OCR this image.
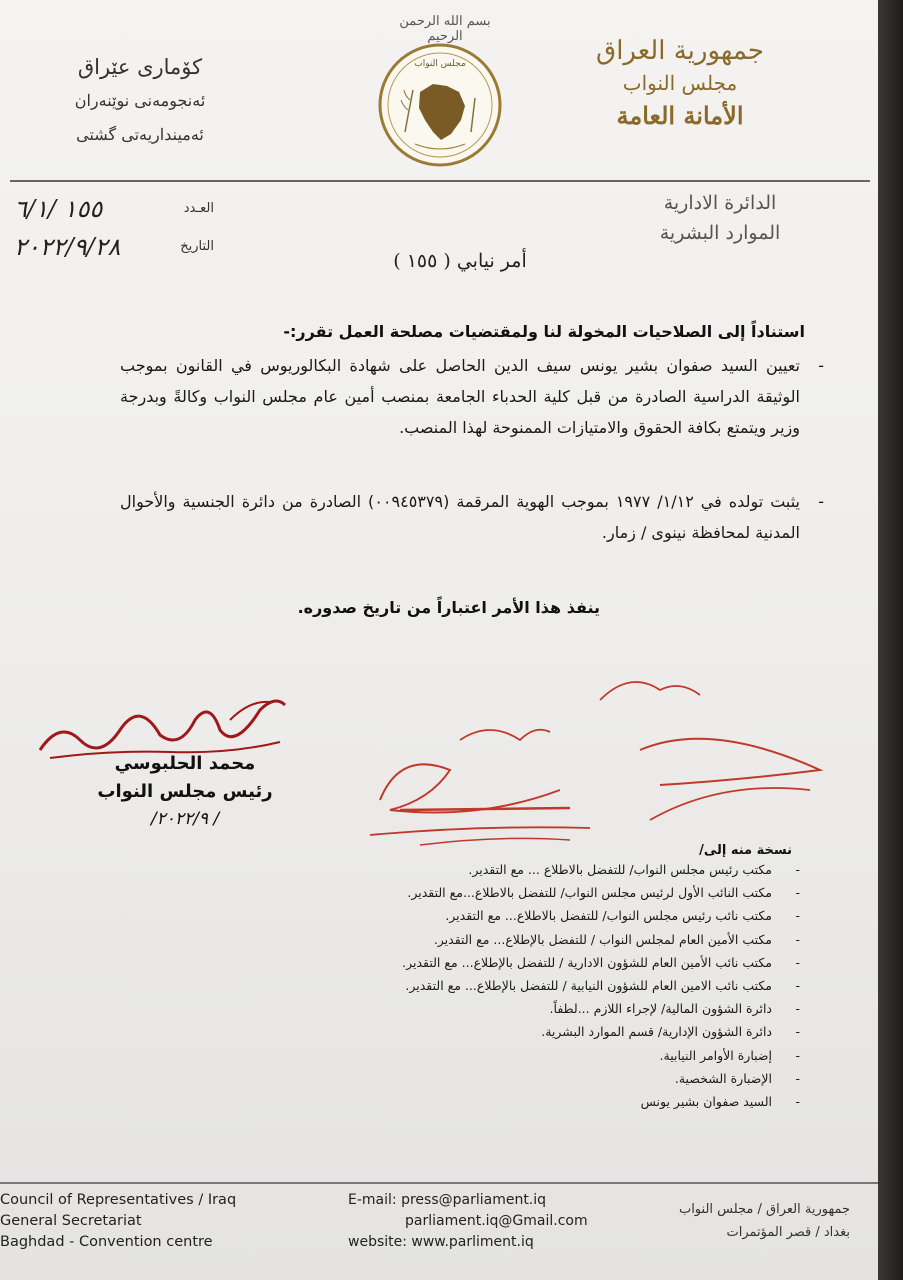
بسم الله الرحمن الرحيم
مجلس النواب	جمهورية العراق
مجلس النواب
الأمانة العامة
كۆماری عێراق
ئەنجومەنی نوێنەران
ئەمینداریەتی گشتی
الدائرة الادارية
الموارد البشرية
١٥٥ /٦/١	العـدد
٢٠٢٢/٩/٢٨	التاريخ
أمر نيابي ( ١٥٥ )
استناداً إلى الصلاحيات المخولة لنا ولمقتضيات مصلحة العمل تقرر:-
-
تعيين السيد صفوان بشير يونس سيف الدين الحاصل على شهادة البكالوريوس في القانون بموجب الوثيقة الدراسية الصادرة من قبل كلية الحدباء الجامعة بمنصب أمين عام مجلس النواب وكالةً وبدرجة وزير ويتمتع بكافة الحقوق والامتيازات الممنوحة لهذا المنصب.
-
يثبت تولده في ١/١٢/ ١٩٧٧ بموجب الهوية المرقمة (٠٠٩٤٥٣٧٩) الصادرة من دائرة الجنسية والأحوال المدنية لمحافظة نينوى / زمار.
ينفذ هذا الأمر اعتباراً من تاريخ صدوره.
محمد الحلبوسي
رئيس مجلس النواب
/ ٢٠٢٢/٩/
نسخة منه إلى/
- مكتب رئيس مجلس النواب/ للتفضل بالاطلاع ... مع التقدير.
- مكتب النائب الأول لرئيس مجلس النواب/ للتفضل بالاطلاع...مع التقدير.
- مكتب نائب رئيس مجلس النواب/ للتفضل بالاطلاع... مع التقدير.
- مكتب الأمين العام لمجلس النواب / للتفضل بالإطلاع... مع التقدير.
- مكتب نائب الأمين العام للشؤون الادارية / للتفضل بالإطلاع... مع التقدير.
- مكتب نائب الامين العام للشؤون النيابية / للتفضل بالإطلاع... مع التقدير.
- دائرة الشؤون المالية/ لإجراء اللازم ...لطفاً.
- دائرة الشؤون الإدارية/ قسم الموارد البشرية.
- إضبارة الأوامر النيابية.
- الإضبارة الشخصية.
- السيد صفوان بشير يونس
Council of Representatives / Iraq
General Secretariat
Baghdad - Convention centre
E-mail: press@parliament.iq
parliament.iq@Gmail.com
website: www.parliment.iq
جمهورية العراق / مجلس النواب
بغداد / قصر المؤتمرات
